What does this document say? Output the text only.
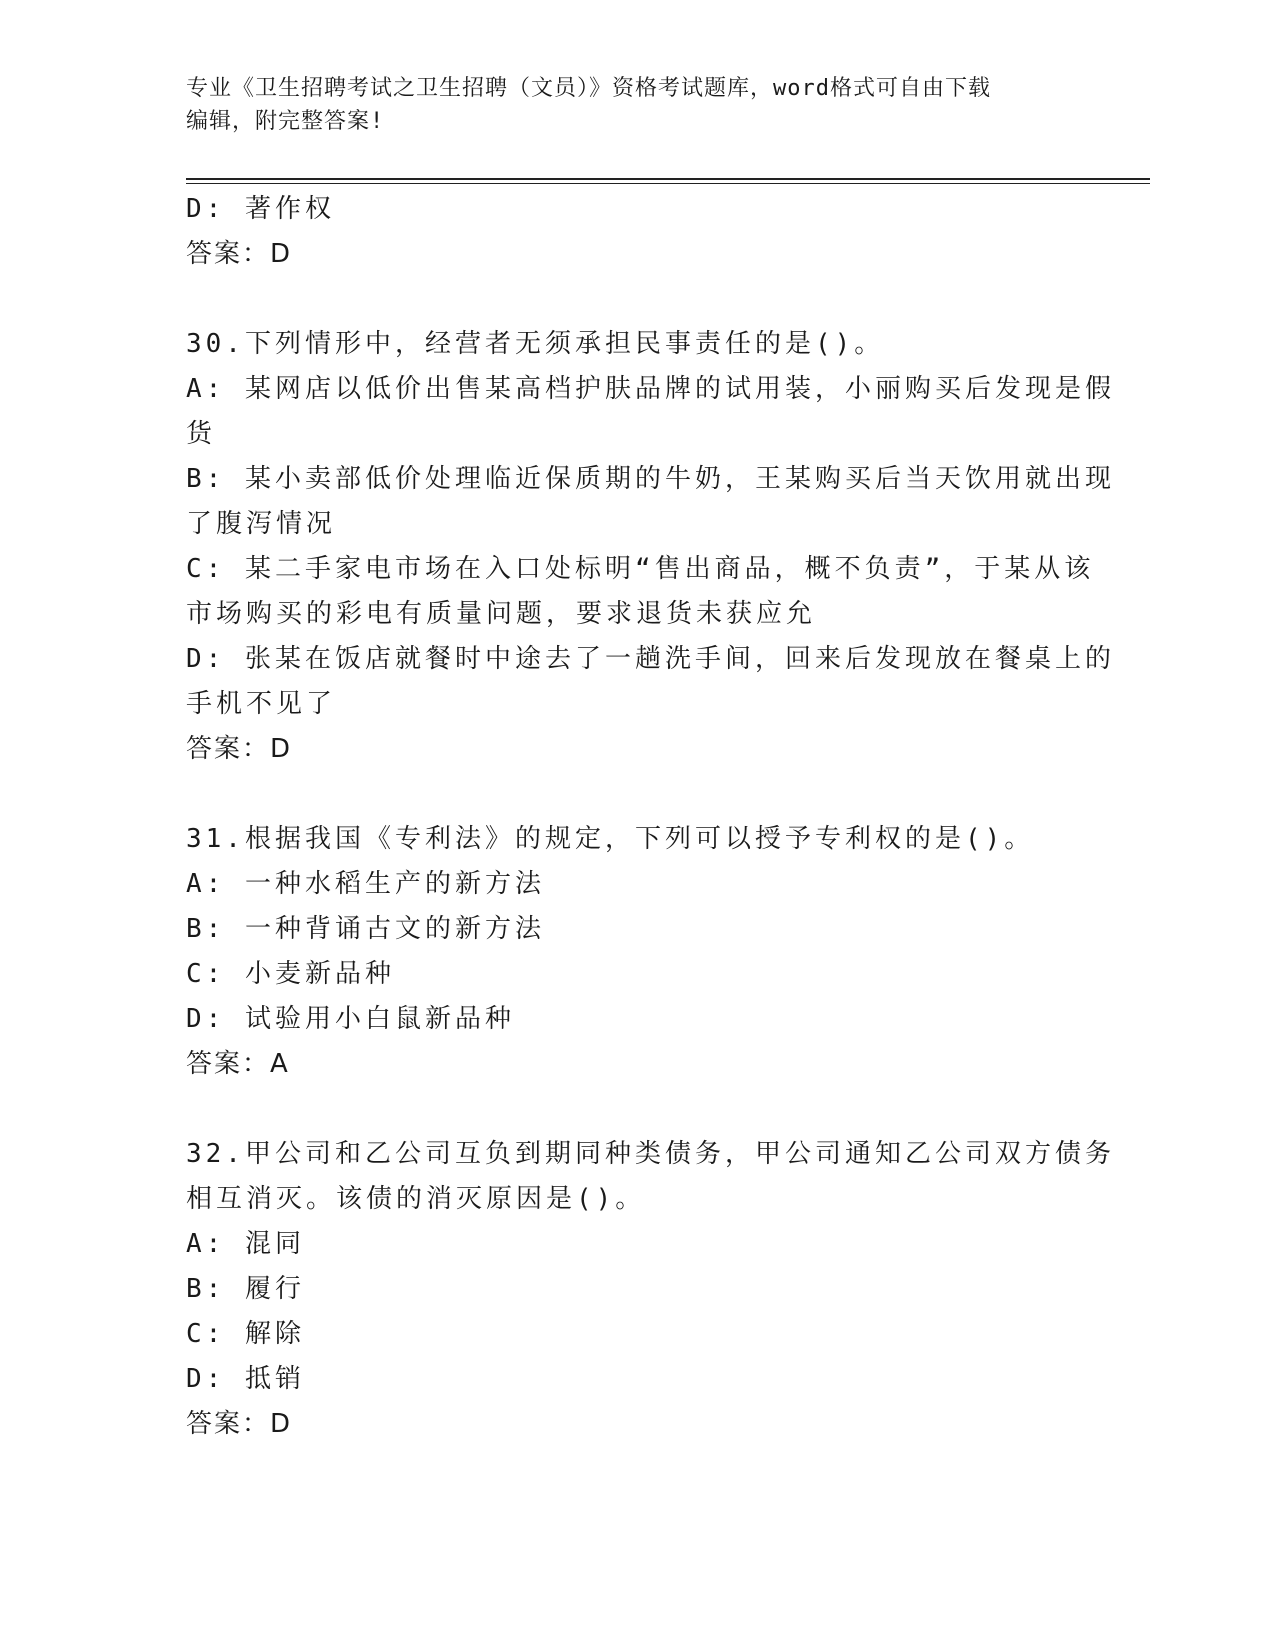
专业《卫生招聘考试之卫生招聘（文员）》资格考试题库，word格式可自由下载
编辑，附完整答案!

D: 著作权

答案：D

30.下列情形中，经营者无须承担民事责任的是()。

A: 某网店以低价出售某高档护肤品牌的试用装，小丽购买后发现是假

货

B: 某小卖部低价处理临近保质期的牛奶，王某购买后当天饮用就出现

了腹泻情况

C: 某二手家电市场在入口处标明“售出商品，概不负责”，于某从该

市场购买的彩电有质量问题，要求退货未获应允

D: 张某在饭店就餐时中途去了一趟洗手间，回来后发现放在餐桌上的

手机不见了

答案：D

31.根据我国《专利法》的规定，下列可以授予专利权的是()。

A: 一种水稻生产的新方法

B: 一种背诵古文的新方法

C: 小麦新品种

D: 试验用小白鼠新品种

答案：A

32.甲公司和乙公司互负到期同种类债务，甲公司通知乙公司双方债务

相互消灭。该债的消灭原因是()。

A: 混同

B: 履行

C: 解除

D: 抵销

答案：D
